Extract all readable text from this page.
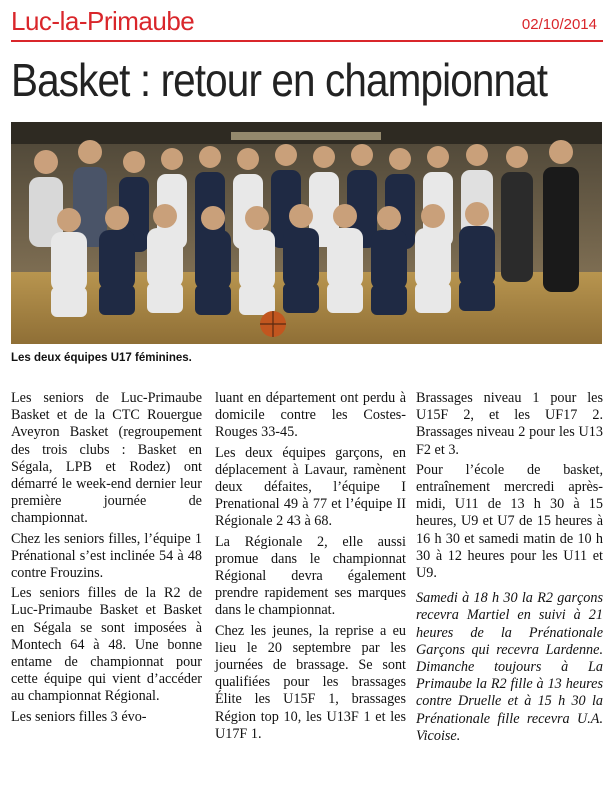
Luc-la-Primaube	02/10/2014
Basket : retour en championnat
Les deux équipes U17 féminines.

Les seniors de Luc-Primaube Basket et de la CTC Rouergue Aveyron Basket (regroupement des trois clubs : Basket en Ségala, LPB et Rodez) ont démarré le week-end dernier leur première journée de championnat.

Chez les seniors filles, l’équipe 1 Prénational s’est inclinée 54 à 48 contre Frouzins.

Les seniors filles de la R2 de Luc-Primaube Basket et Basket en Ségala se sont imposées à Montech 64 à 48. Une bonne entame de championnat pour cette équipe qui vient d’accéder au championnat Régional.

Les seniors filles 3 évo-

luant en département ont perdu à domicile contre les Costes-Rouges 33-45.

Les deux équipes garçons, en déplacement à Lavaur, ramènent deux défaites, l’équipe I Prenational 49 à 77 et l’équipe II Régionale 2 43 à 68.

La Régionale 2, elle aussi promue dans le championnat Régional devra également prendre rapidement ses marques dans le championnat.

Chez les jeunes, la reprise a eu lieu le 20 septembre par les journées de brassage. Se sont qualifiées pour les brassages Élite les U15F 1, brassages Région top 10, les U13F 1 et les U17F 1.

Brassages niveau 1 pour les U15F 2, et les UF17 2. Brassages niveau 2 pour les U13 F2 et 3.

Pour l’école de basket, entraînement mercredi après-midi, U11 de 13 h 30 à 15 heures, U9 et U7 de 15 heures à 16 h 30 et samedi matin de 10 h 30 à 12 heures pour les U11 et U9.

Samedi à 18 h 30 la R2 garçons recevra Martiel en suivi à 21 heures de la Prénationale Garçons qui recevra Lardenne. Dimanche toujours à La Primaube la R2 fille à 13 heures contre Druelle et à 15 h 30 la Prénationale fille recevra U.A. Vicoise.
